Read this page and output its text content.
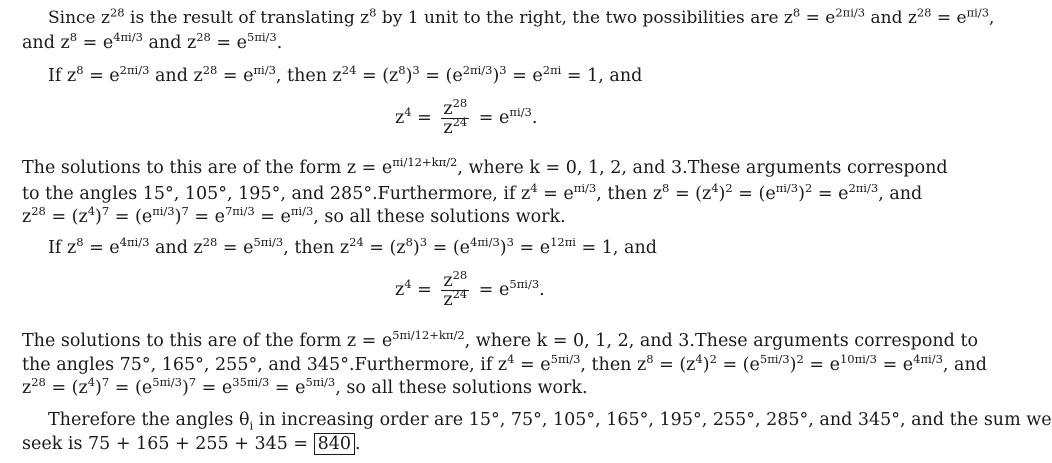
Since $z^{28}$ is the result of translating $z^8$ by 1 unit to the right, the two possibilities are $z^8 = e^{2\pi i/3}$ and $z^{28} = e^{\pi i/3}$,
and $z^8 = e^{4\pi i/3}$ and $z^{28} = e^{5\pi i/3}$.
If $z^8 = e^{2\pi i/3}$ and $z^{28} = e^{\pi i/3}$, then $z^{24} = (z^8)^3 = (e^{2\pi i/3})^3 = e^{2\pi i} = 1$, and
$z^4 = \frac{z^{28}}{z^{24}} = e^{\pi i/3}$.
The solutions to this are of the form $z = e^{\pi i/12+k\pi/2}$, where k = 0, 1, 2, and 3. These arguments correspond
to the angles 15°, 105°, 195°, and 285°. Furthermore, if $z^4 = e^{\pi i/3}$, then $z^8 = (z^4)^2 = (e^{\pi i/3})^2 = e^{2\pi i/3}$, and
$z^{28} = (z^4)^7 = (e^{\pi i/3})^7 = e^{7\pi i/3} = e^{\pi i/3}$, so all these solutions work.
If $z^8 = e^{4\pi i/3}$ and $z^{28} = e^{5\pi i/3}$, then $z^{24} = (z^8)^3 = (e^{4\pi i/3})^3 = e^{12\pi i} = 1$, and
$z^4 = \frac{z^{28}}{z^{24}} = e^{5\pi i/3}$.
The solutions to this are of the form $z = e^{5\pi i/12+k\pi/2}$, where k = 0, 1, 2, and 3. These arguments correspond to
the angles 75°, 165°, 255°, and 345°. Furthermore, if $z^4 = e^{5\pi i/3}$, then $z^8 = (z^4)^2 = (e^{5\pi i/3})^2 = e^{10\pi i/3} = e^{4\pi i/3}$, and
$z^{28} = (z^4)^7 = (e^{5\pi i/3})^7 = e^{35\pi i/3} = e^{5\pi i/3}$, so all these solutions work.
Therefore the angles $\theta_i$ in increasing order are 15°, 75°, 105°, 165°, 195°, 255°, 285°, and 345°, and the sum we
seek is 75 + 165 + 255 + 345 = 840 .
